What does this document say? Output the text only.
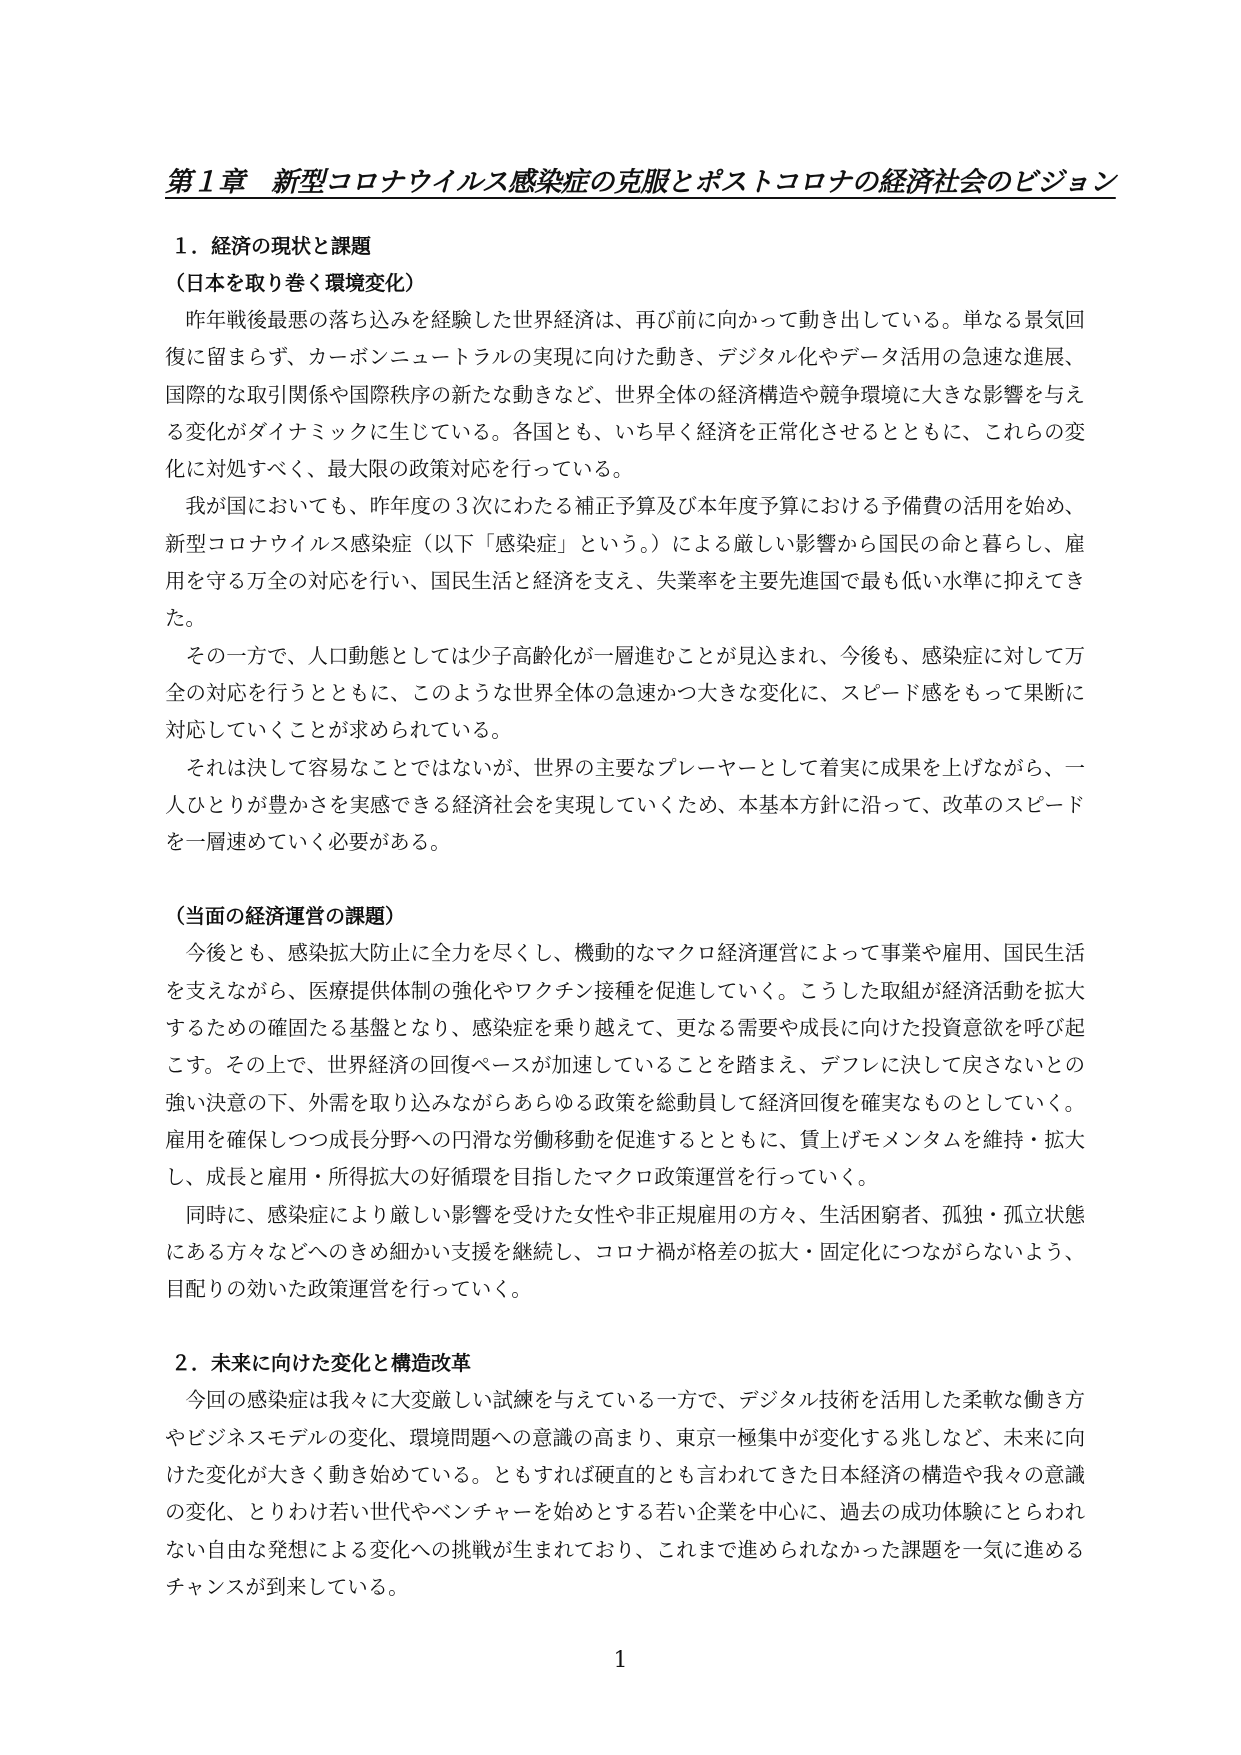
第１章　新型コロナウイルス感染症の克服とポストコロナの経済社会のビジョン
１．経済の現状と課題
（日本を取り巻く環境変化）

昨年戦後最悪の落ち込みを経験した世界経済は、再び前に向かって動き出している。単なる景気回復に留まらず、カーボンニュートラルの実現に向けた動き、デジタル化やデータ活用の急速な進展、国際的な取引関係や国際秩序の新たな動きなど、世界全体の経済構造や競争環境に大きな影響を与える変化がダイナミックに生じている。各国とも、いち早く経済を正常化させるとともに、これらの変化に対処すべく、最大限の政策対応を行っている。

我が国においても、昨年度の３次にわたる補正予算及び本年度予算における予備費の活用を始め、新型コロナウイルス感染症（以下「感染症」という。）による厳しい影響から国民の命と暮らし、雇用を守る万全の対応を行い、国民生活と経済を支え、失業率を主要先進国で最も低い水準に抑えてきた。

その一方で、人口動態としては少子高齢化が一層進むことが見込まれ、今後も、感染症に対して万全の対応を行うとともに、このような世界全体の急速かつ大きな変化に、スピード感をもって果断に対応していくことが求められている。

それは決して容易なことではないが、世界の主要なプレーヤーとして着実に成果を上げながら、一人ひとりが豊かさを実感できる経済社会を実現していくため、本基本方針に沿って、改革のスピードを一層速めていく必要がある。

（当面の経済運営の課題）

今後とも、感染拡大防止に全力を尽くし、機動的なマクロ経済運営によって事業や雇用、国民生活を支えながら、医療提供体制の強化やワクチン接種を促進していく。こうした取組が経済活動を拡大するための確固たる基盤となり、感染症を乗り越えて、更なる需要や成長に向けた投資意欲を呼び起こす。その上で、世界経済の回復ペースが加速していることを踏まえ、デフレに決して戻さないとの強い決意の下、外需を取り込みながらあらゆる政策を総動員して経済回復を確実なものとしていく。雇用を確保しつつ成長分野への円滑な労働移動を促進するとともに、賃上げモメンタムを維持・拡大し、成長と雇用・所得拡大の好循環を目指したマクロ政策運営を行っていく。

同時に、感染症により厳しい影響を受けた女性や非正規雇用の方々、生活困窮者、孤独・孤立状態にある方々などへのきめ細かい支援を継続し、コロナ禍が格差の拡大・固定化につながらないよう、目配りの効いた政策運営を行っていく。

２．未来に向けた変化と構造改革

今回の感染症は我々に大変厳しい試練を与えている一方で、デジタル技術を活用した柔軟な働き方やビジネスモデルの変化、環境問題への意識の高まり、東京一極集中が変化する兆しなど、未来に向けた変化が大きく動き始めている。ともすれば硬直的とも言われてきた日本経済の構造や我々の意識の変化、とりわけ若い世代やベンチャーを始めとする若い企業を中心に、過去の成功体験にとらわれない自由な発想による変化への挑戦が生まれており、これまで進められなかった課題を一気に進めるチャンスが到来している。

1
